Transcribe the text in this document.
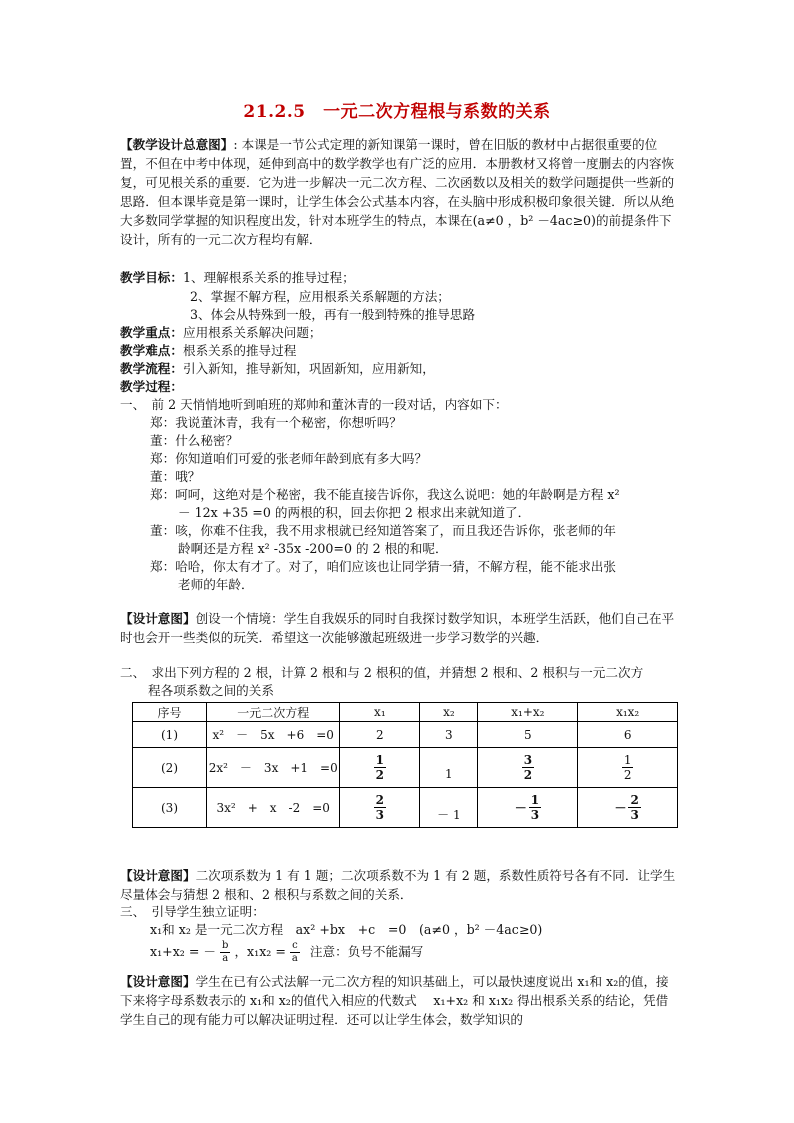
21.2.5　一元二次方程根与系数的关系
【教学设计总意图】: 本课是一节公式定理的新知课第一课时，曾在旧版的教材中占据很重要的位置，不但在中考中体现，延伸到高中的数学教学也有广泛的应用．本册教材又将曾一度删去的内容恢复，可见根关系的重要．它为进一步解决一元二次方程、二次函数以及相关的数学问题提供一些新的思路．但本课毕竟是第一课时，让学生体会公式基本内容，在头脑中形成积极印象很关键．所以从绝大多数同学掌握的知识程度出发，针对本班学生的特点，本课在(a≠0 ，b² －4ac≥0)的前提条件下设计，所有的一元二次方程均有解．
教学目标：1、理解根系关系的推导过程；
2、掌握不解方程，应用根系关系解题的方法；
3、体会从特殊到一般，再有一般到特殊的推导思路
教学重点：应用根系关系解决问题；
教学难点：根系关系的推导过程
教学流程：引入新知，推导新知，巩固新知，应用新知，
教学过程：
一、　前 2 天悄悄地听到咱班的郑帅和董沐青的一段对话，内容如下：
郑：我说董沐青，我有一个秘密，你想听吗？
董：什么秘密？
郑：你知道咱们可爱的张老师年龄到底有多大吗？
董：哦？
郑：呵呵，这绝对是个秘密，我不能直接告诉你，我这么说吧：她的年龄啊是方程 x²
－ 12x +35 =0 的两根的积，回去你把 2 根求出来就知道了．
董：咳，你难不住我，我不用求根就已经知道答案了，而且我还告诉你，张老师的年
龄啊还是方程 x² -35x -200=0 的 2 根的和呢．
郑：哈哈，你太有才了。对了，咱们应该也让同学猜一猜，不解方程，能不能求出张
老师的年龄．
【设计意图】创设一个情境：学生自我娱乐的同时自我探讨数学知识，本班学生活跃，他们自己在平时也会开一些类似的玩笑．希望这一次能够激起班级进一步学习数学的兴趣．
二、　求出下列方程的 2 根，计算 2 根和与 2 根积的值，并猜想 2 根和、2 根积与一元二次方
程各项系数之间的关系
序号	一元二次方程	x₁	x₂	x₁+x₂	x₁x₂
(1)	x²　－　5x　+6　=0	2	3	5	6
(2)	2x²　－　3x　+1　=0	$\frac{1}{2}$	1	$\frac{3}{2}$	$\frac{1}{2}$

(3)	3x²　+　x　-2　=0	$\frac{2}{3}$	－ 1	－ $\frac{1}{3}$	－ $\frac{2}{3}$
【设计意图】二次项系数为 1 有 1 题；二次项系数不为 1 有 2 题，系数性质符号各有不同．让学生尽量体会与猜想 2 根和、2 根积与系数之间的关系．
三、　引导学生独立证明：
x₁和 x₂ 是一元二次方程　ax² +bx　+c　=0　(a≠0 ，b² －4ac≥0)
x₁+x₂ = － $\frac{b}{a}$ ，$x_1x_2 = \frac{c}{a}$ 注意：负号不能漏写
【设计意图】学生在已有公式法解一元二次方程的知识基础上，可以最快速度说出 x₁和 x₂的值，接下来将字母系数表示的 x₁和 x₂的值代入相应的代数式　 x₁+x₂ 和 x₁x₂ 得出根系关系的结论，凭借学生自己的现有能力可以解决证明过程．还可以让学生体会，数学知识的
